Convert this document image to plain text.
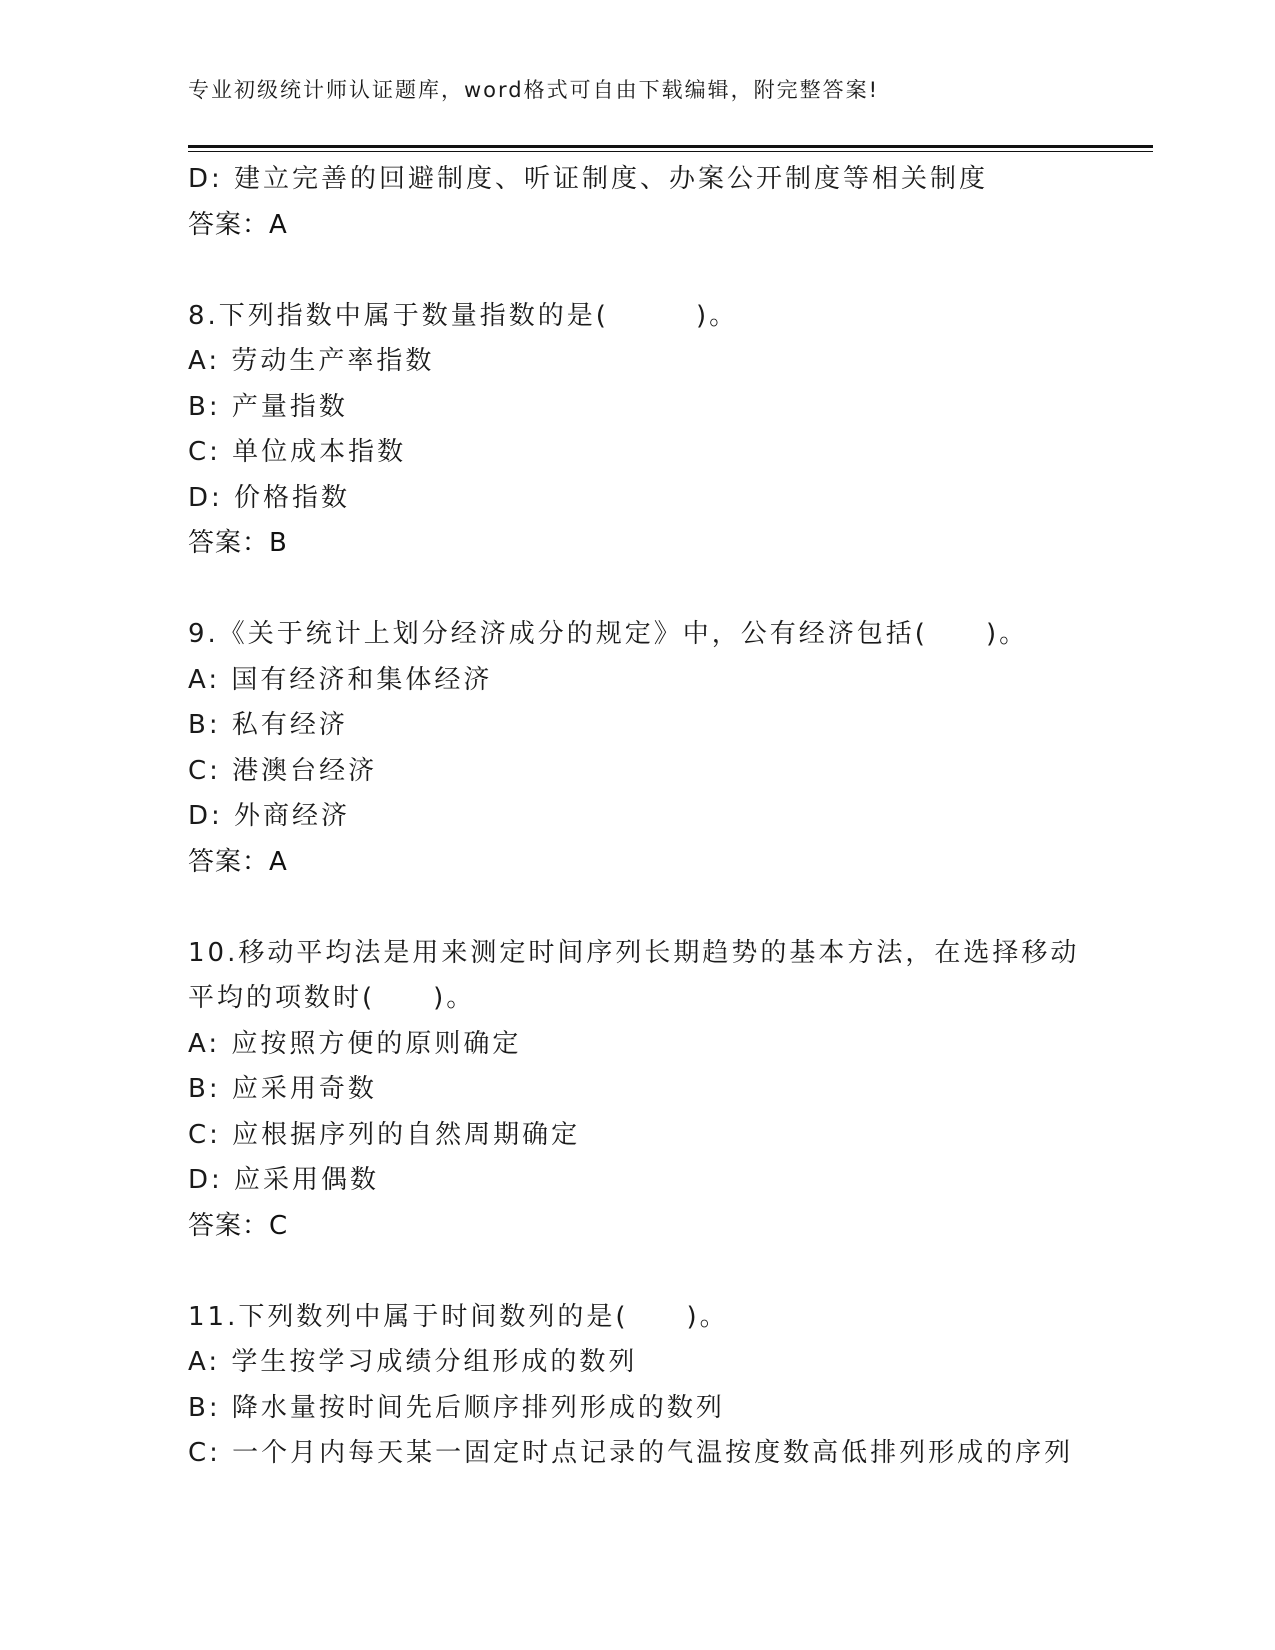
专业初级统计师认证题库，word格式可自由下载编辑，附完整答案!
D: 建立完善的回避制度、听证制度、办案公开制度等相关制度
答案：A
8.下列指数中属于数量指数的是(　　　)。
A: 劳动生产率指数
B: 产量指数
C: 单位成本指数
D: 价格指数
答案：B
9.《关于统计上划分经济成分的规定》中，公有经济包括(　　)。
A: 国有经济和集体经济
B: 私有经济
C: 港澳台经济
D: 外商经济
答案：A
10.移动平均法是用来测定时间序列长期趋势的基本方法，在选择移动
平均的项数时(　　)。
A: 应按照方便的原则确定
B: 应采用奇数
C: 应根据序列的自然周期确定
D: 应采用偶数
答案：C
11.下列数列中属于时间数列的是(　　)。
A: 学生按学习成绩分组形成的数列
B: 降水量按时间先后顺序排列形成的数列
C: 一个月内每天某一固定时点记录的气温按度数高低排列形成的序列
